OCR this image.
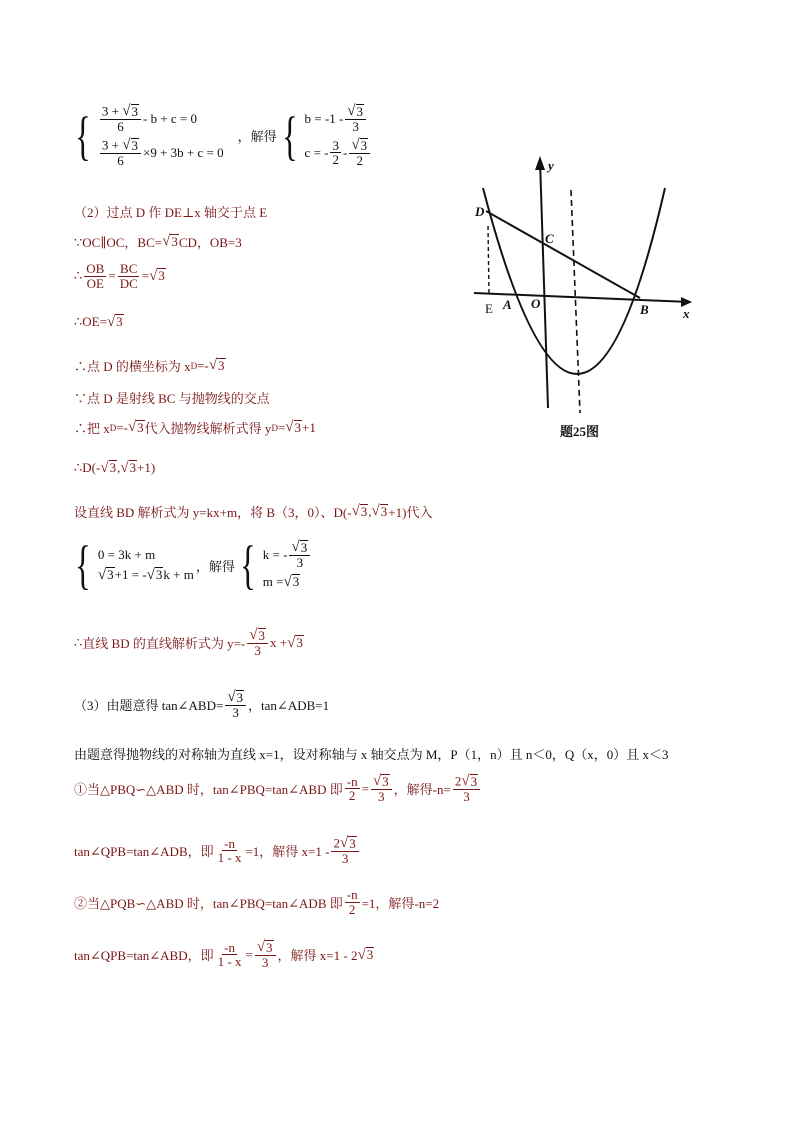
{ $\frac{3 + √ 3}{6} - b + c = 0$
$\frac{3 + √ 3}{6} \times 9 + 3b + c = 0$
，解得 { $b = -1 - \frac{√ 3}{3}$
c = - $\frac{3}{2} - \frac{√ 3}{2}$
（2）过点 D 作 DE⊥x 轴交于点 E
∵OC∥OC，BC= √ 3 CD，OB=3
∴ $\frac{OB}{OE} = \frac{BC}{DC}$ = √ 3
∴OE= √ 3
∴点 D 的横坐标为 x D =- √ 3
∵点 D 是射线 BC 与抛物线的交点
∴把 x D =- √ 3 代入抛物线解析式得 y D = √ 3 +1
∴D(- √ 3 , √ 3 +1)
设直线 BD 解析式为 y=kx+m，将 B（3，0）、D(- √ 3 , √ 3 +1)代入
{ 0 = 3k + m
√ 3 +1 = - √ 3 k + m
，解得 { k = - $\frac{√ 3}{3}$
m = √ 3
∴ 直线 BD 的直线解析式为 $y=- \frac{√ 3}{3}$ x + √ 3
（3）由题意得 tan∠ABD= $\frac{√ 3}{3}$ ，tan∠ADB=1
由题意得抛物线的对称轴为直线 x=1，设对称轴与 x 轴交点为 M，P（1，n）且 n＜0，Q（x，0）且 x＜3
①当△PBQ∽△ABD 时，tan∠PBQ=tan∠ABD 即 $\frac{-n}{2} = \frac{√ 3}{3}$ ，解得$-n= \frac{2 √ 3}{3}$
tan∠QPB=tan∠ADB，即 $\frac{-n}{1 - x} =1$，解得 $x=1 - \frac{2 √ 3}{3}$
②当△PQB∽△ABD 时，tan∠PBQ=tan∠ADB 即 $\frac{-n}{2} =1$，解得-n=2
tan∠QPB=tan∠ABD，即 $\frac{-n}{1 - x} = \frac{√ 3}{3}$ ，解得 x=1 - 2 √ 3
D
C
y
E A O	B	x
题25图
